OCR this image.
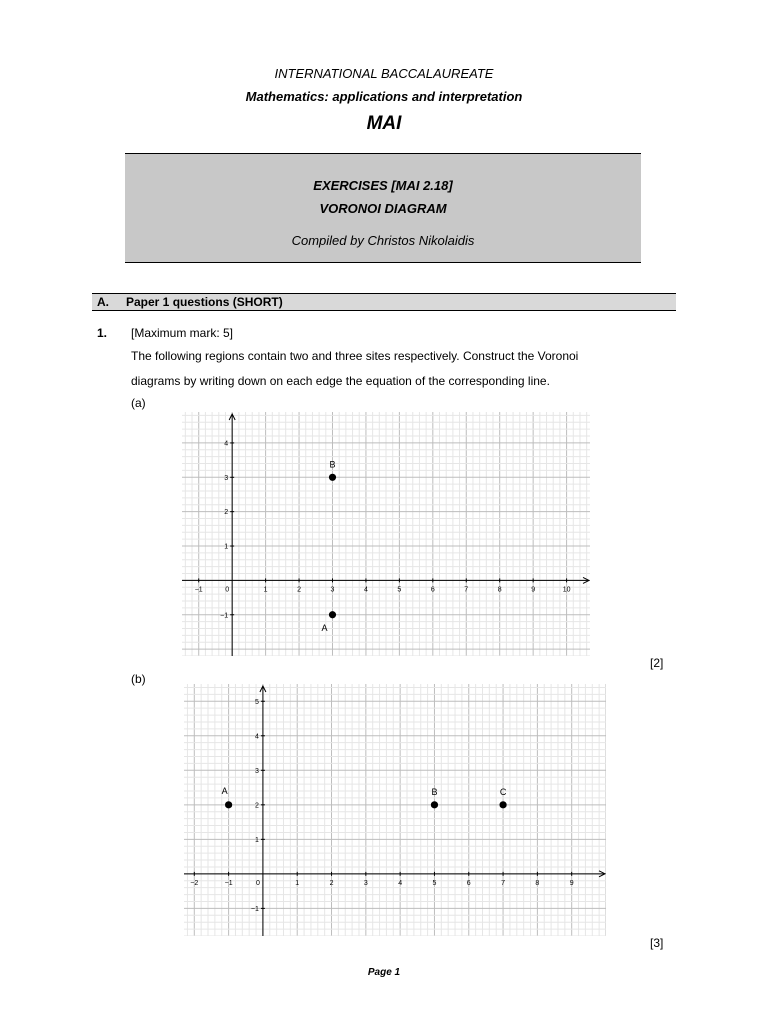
INTERNATIONAL BACCALAUREATE
Mathematics: applications and interpretation
MAI
EXERCISES [MAI 2.18]
VORONOI DIAGRAM
Compiled by Christos Nikolaidis
A. Paper 1 questions (SHORT)
1. [Maximum mark: 5]
The following regions contain two and three sites respectively. Construct the Voronoi
diagrams by writing down on each edge the equation of the corresponding line.
(a)
−1	1	2	3	4	5	6	7	8	9	10
−1
1
2
3
4
0
B
A
[2]
(b)
−2	−1	1	2	3	4	5	6	7	8	9
−1
1
2
3
4
5
0
A	B	C
[3]
Page 1
